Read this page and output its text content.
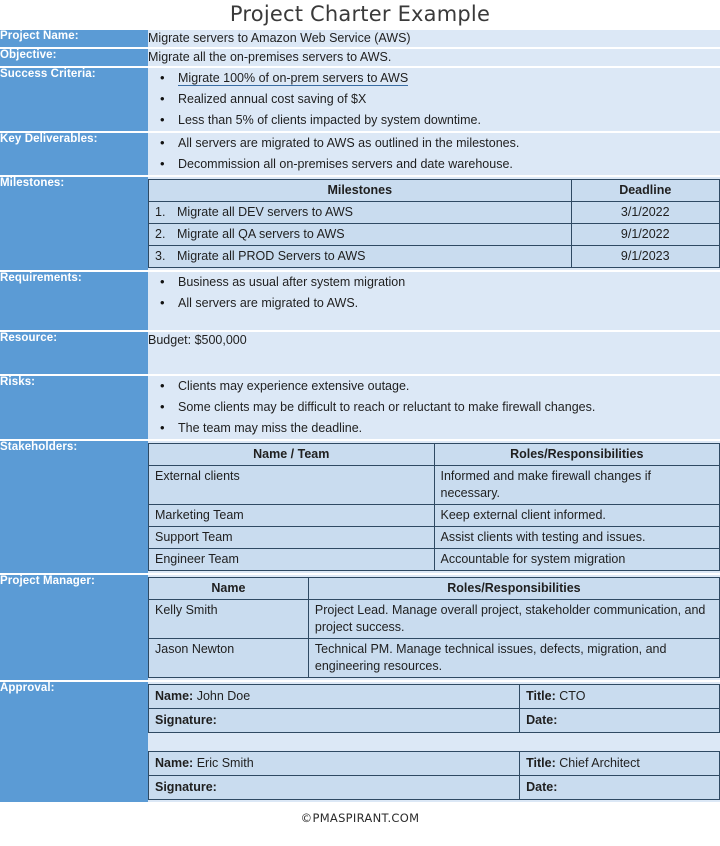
Project Charter Example
Project Name:	Migrate servers to Amazon Web Service (AWS)

Objective:	Migrate all the on-premises servers to AWS.

Success Criteria:	
•Migrate 100% of on-prem servers to AWS
• Realized annual cost saving of $X
• Less than 5% of clients impacted by system downtime.

Key Deliverables:	
•All servers are migrated to AWS as outlined in the milestones.
• Decommission all on-premises servers and date warehouse.

Milestones:		Milestones	Deadline
1. Migrate all DEV servers to AWS	3/1/2022
2. Migrate all QA servers to AWS	9/1/2022
3. Migrate all PROD Servers to AWS	9/1/2023

Requirements:	
•Business as usual after system migration
• All servers are migrated to AWS.

Resource:	Budget: $500,000

Risks:	
•Clients may experience extensive outage.
• Some clients may be difficult to reach or reluctant to make firewall changes.
• The team may miss the deadline.

Stakeholders:		Name / Team	Roles/Responsibilities
External clients	Informed and make firewall changes if necessary.
Marketing Team	Keep external client informed.
Support Team	Assist clients with testing and issues.
Engineer Team	Accountable for system migration

Project Manager:		Name	Roles/Responsibilities
Kelly Smith	Project Lead. Manage overall project, stakeholder communication, and project success.
Jason Newton	Technical PM. Manage technical issues, defects, migration, and engineering resources.

Approval:	
Name: John Doe	Title: CTO
Signature:	Date:
Name: Eric Smith	Title: Chief Architect
Signature:	Date:
©PMASPIRANT.COM
